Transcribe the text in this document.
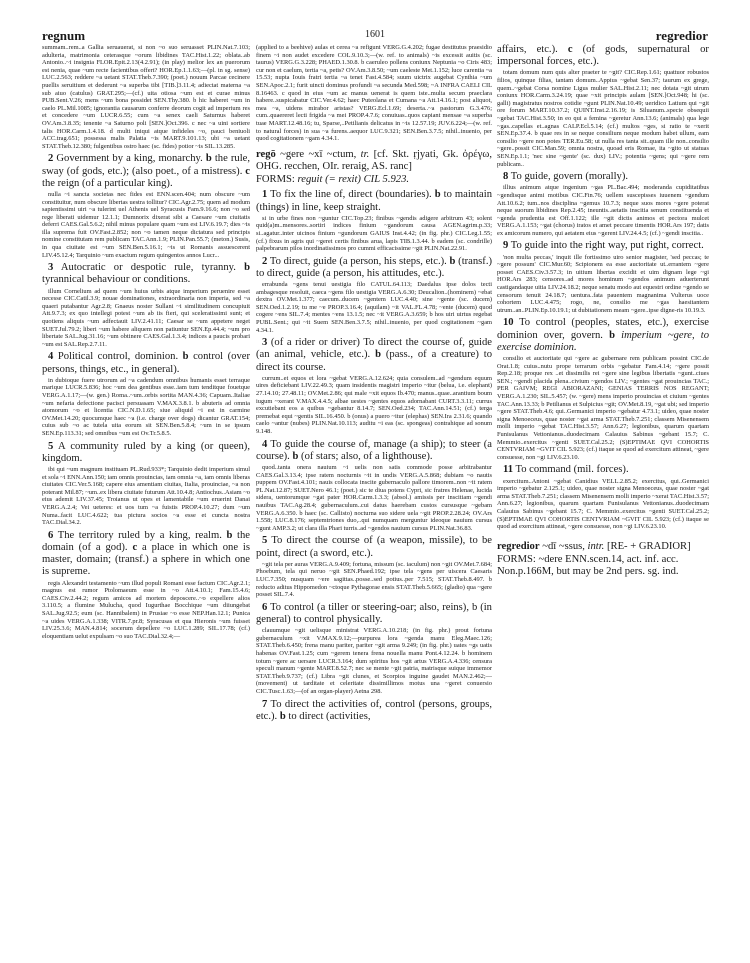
regnum	1601	regredior

summam..rem..a Gallia seruauerat, si non ~o suo seruasset PLIN.Nat.7.103; adulteria, matrimonia ceterasque ~orum libidines TAC.Hist.1.22; oblata..ab Antonio..~i insignia FLOR.Epit.2.13(4.2.91); (in play) melior lex an puerorum est nenia, quae ~um recte facientibus offert? HOR.Ep.1.1.63;—(pl. in sg. sense) LUC.2.563; reddere ~a uetant STAT.Theb.7.390; (poet.) nouum Parcae cecinere puellis seruitium et dederunt ~a superba tibi [TIB.]3.11.4; adiectat materna ~a sub aiuo (catulus) GRAT.295;—(cf.) uita otiosa ~um est et curae minus PUB.Sent.V.26; mens ~um bona possidet SEN.Thy.380. b hic haberet ~um in caelo PL.Mil.1085; ignorantia causarum conferre deorum cogit ad imperium res et concedere ~um LUCR.6.55; cum ~a senex caeli Saturnus haberet OV.Am.3.8.35; tenente ~a Saturno poli [SEN.]Oct.396. c nec ~a uini sortiere talis HOR.Carm.1.4.18. d multi iniqui atque infideles ~o, pauci beniuoli ACC.trag.651; possessa malis Palatia ~is MART.9.101.13; ubi ~a uetant STAT.Theb.12.380; fulgentibus ostro haec (sc. fides) potior ~is SIL.13.285.

2 Government by a king, monarchy. b the rule, sway (of gods, etc.); (also poet., of a mistress). c the reign (of a particular king).

nulla ~i sancta societas nec fides est ENN.scen.404; num obscure ~um constituitur, num obscure libertas uestra tollitur? CIC.Agr.2.75; quem ad modum sapientissimi uiri ~a tulerint uel Athenis uel Syracusis Fam.9.16.6; non ~o sed rege liberati uidemur 12.1.1; Dumnorix dixerat sibi a Caesare ~um ciuitatis deferri CAES.Gal.5.6.2; nihil minus populare quam ~um est LIV.6.19.7; dies ~is illa suprema fuit OV.Fast.2.852; non ~o tamen neque dictatura sed principis nomine constitutam rem publicam TAC.Ann.1.9; PLIN.Pan.55.7; (meton.) Susis, in qua ciuitate est ~um SEN.Ben.5.16.1; ~is ut Romanis assuescerent LIV.45.12.4; Tarquinio ~um exactum regum quingentos annos Lucr...

3 Autocratic or despotic rule, tyranny. b tyrannical behaviour or conditions.

illum Cornelium ad quem ~um huius urbis atque imperium peruenire esset necesse CIC.Catil.3.9; nouae dominationes, extraordinaria non imperia, sed ~a quaeri putabantur Agr.2.8; Gnaeus noster Sullani ~i similitudinem concupiuit Att.9.7.3; ex quo intellegi potest ~um ab iis fieri, qui sceleratissimi sunt; et quotiens aliquis ~um adfectauit LIV.2.41.11; Caesar se ~um appetere neget SUET.Jul.79.2; liberi ~um habere aliquem non patiuntur SEN.Ep.44.4; ~um pro libertate SAL.Jug.31.16; ~um obtinere CAES.Gal.1.3.4; indices a paucis probari ~um est SAL.Rep.2.7.11.

4 Political control, dominion. b control (over persons, things, etc., in general).

in dubioque fuere utrorum ad ~a cadendum omnibus humanis esset terraque marique LUCR.5.836; hoc ~um dea gentibus esse..iam tum tenditque fouetque VERG.A.1.17;—(w. gen.) Roma..~um..orbis sortita MAN.4.36; Capuam..Italiae ~um nefaria defectione pacisci persuasam V.MAX.3.8.1. b abuteris ad omnia atomorum ~o et licentia CIC.N.D.1.65; siue aliquid ~i est in carmine OV.Met.14.20; quocumque haec ~a (i.e. charge over dogs) dicantur GRAT.154; cuius sub ~o ac tutela uita eorum sit SEN.Ben.5.8.4; ~um in se ipsum SEN.Ep.113.31; sed omnibus ~um est Ov.Tr.5.8.5.

5 A community ruled by a king (or queen), kingdom.

ibi qui ~um magnum instituam PL.Rud.933*; Tarquinio dedit imperium simul et sola ~i ENN.Ann.150; iam omnis prouincias, iam omnia ~a, iam omnis liberas ciuitates CIC.Ver.5.168; capere eius amentiam ciuitas, Italia, prouinciae, ~a non poterant Mil.87; ~um..ex libera ciuitate futurum Att.10.4.8; Antiochus..Asiam ~o eius ademit LIV.37.45; Troianus ut opes et lamentabile ~um eruerint Danai VERG.A.2.4; Vei ueteres: et uos tum ~a fuistis PROP.4.10.27; dum ~um Numa..facit LUC.4.622; tua pictura socios ~a esse et cuncta nostra TAC.Dial.34.2.

6 The territory ruled by a king, realm. b the domain (of a god). c a place in which one is master, domain; (transf.) a sphere in which one is supreme.

regis Alexandri testamento ~um illud populi Romani esse factum CIC.Agr.2.1; magnus est rumor Ptolomaeum esse in ~o Att.4.10.1; Fam.15.4.6; CAES.Civ.2.44.2; regum amicos ad mortem deposcere..~o expellere alios 3.110.5; a flumine Mulucha, quod Iugurthae Bocchique ~um diiungebat SAL.Jug.92.5; eum (sc. Hannibalem) in Prusiae ~o esse NEP.Han.12.1; Punica ~a uides VERG.A.1.338; VITR.7.pr.8; Syracusas et qua Hieronis ~um fuisset LIV.25.3.6; MAN.4.814; socerum depellere ~o LUC.1.289; SIL.17.78; (cf.) eloquentiam uelut expulsam ~o suo TAC.Dial.32.4;—

(applied to a beehive) aulas et cerea ~a refigunt VERG.G.4.202; fugae destitutus praesidio finem ~i non audet excedere COL.9.10.3;—(w. ref. to animals) ~is excessit auitis (sc. taurus) VERG.G.3.228; PHAED.1.30.8. b caeruleo pollens coniunx Neptunia ~o Ciris 483; cur non et caelum, tertia ~a, petis? OV.Am.3.8.50; ~um caeleste Met.1.152; luce carentia ~a 15.53; nupta Iouis fratri tertia ~a tenet Fast.4.584; suum uictrix augebat Cynthia ~um SEN.Apoc.2.1; furit uincti dominus profundi ~a secunda Med.598; ~A INFRA CAELI CIL 8.16463. c quod in eius ~um ac manus uenerat is quem iste..multa secum praeclara habere..suspicabatur CIC.Ver.4.62; haec Puteolana et Cumana ~a Att.14.16.1; post aliquot, mea ~a, uidens mirabor aristas? VERG.Ecl.1.69; deserta..~a pastorum G.3.476; cum..quaereret lecti frigida ~a mei PROP.4.7.6; conuiuas..quos capiant mensae ~a superba tuae MART.12.48.16; tu, Sparse,..Petilianis delicatus in ~is 12.57.19; JUV.6.224;—(w. ref. to natural forces) in sua ~a furens..aequor LUC.9.321; SEN.Ben.3.7.5; nihil..inuenio, per quod cogitationem ~gam 4.34.1.

regō ~gere ~xī ~ctum, tr. [cf. Skt. ṛjyati, Gk. ὀρέγω, OHG. recchen, OIr. reraig, AS. ranc]

FORMS: reguit (= rexit) CIL 5.923.

1 To fix the line of, direct (boundaries). b to maintain (things) in line, keep straight.

si in urbe fines non ~guntur CIC.Top.23; finibus ~gendis adigere arbitrum 43; solent quid(a)m..mensores..sortiri indices finium ~gandorum causa AGEN.agrim.p.33; si..agatur..inter uicinos finium ~gundorum GAIUS Inst.4.42; (in fig. phr.) CIC.Leg.1.55; (cf.) fixus in agris qui ~geret certis finibus arua, lapis TIB.1.3.44. b eadem (sc. condrille) palpebrarum pilos inordinatissimos pro cummi efficacissime ~git PLIN.Nat.22.91.

2 To direct, guide (a person, his steps, etc.). b (transf.) to direct, guide (a person, his attitudes, etc.).

errabunda ~gens tenui uestigia filo CATUL.64.113; Daedalus ipse dolos tecti ambagesque resoluit, caeca ~gens filo uestigia VERG.A.6.30; Deucalion..(hominem) ~ebat dextra OV.Met.1.377; caecum..ducem ~gentem LUC.4.40; sine ~gente (sc. ducem) SEN.Oed.1.2.19; tu me ~e PROP.3.16.4; (aquilam) ~it VAL.FL.4.78; ~ente (ducem) quod cogere ~ens SIL.7.4; mentes ~ens 13.1.5; nec ~it VERG.A.3.659; b hos uiri uirtus regebat PUBL.Sent.; qui ~it Suem SEN.Ben.3.7.5; nihil..inuenio, per quod cogitationem ~gam 4.34.1.

3 (of a rider or driver) To direct the course of, guide (an animal, vehicle, etc.). b (pass., of a creature) to direct its course.

currum..et equos et lora ~gebat VERG.A.12.624; quia consulem..ad ~gendum equum uires deficiebant LIV.22.49.3; quam insidentis magistri imperio ~itur (belua, i.e. elephant) 27.14.10; 27.48.11; OV.Met.2.86; qui male ~xit equos Ib.470; manus..quae..arantium boum iugum ~xerant V.MAX.4.4.5; albae uestes ~gentes equos adornabant CURT.3.3.11; currus excutiebant eos a quibus ~gebantur 8.14.7; SEN.Oed.234; TAC.Ann.14.51; (cf.) terga premebat equi ~gentis SIL.16.450. b (onus) a puero ~itur (elephas) SEN.Ira 2.31.6; quando caelo ~antur (nubes) PLIN.Nat.10.113; auditu ~i eas (sc. spongeas) contrahique ad sonum 9.148.

4 To guide the course of, manage (a ship); to steer (a course). b (of stars; also, of a lighthouse).

quod..tanta onera nauium ~i uelis non satis commode posse arbitrabantur CAES.Gal.3.13.4; ipse ratem nocturnis ~it in undis VERG.A.5.868; dubiam ~o nautis puppem OV.Fast.4.101; nauis collocata inscite gubernaculo pallore timorem..non ~it ratem PL.Nat.12.87; SUET.Nero 46.1; (poet.) sic te diua potens Cypri, sic fratres Helenae, lucida sidera, uentorumque ~gat pater HOR.Carm.1.3.3; (absol.) amissis per inscitiam ~gendi nauibus TAC.Ag.28.4; gubernaculum..cui datus haerebam custos cursusque ~gebam VERG.A.6.350. b haec (sc. Callisto) nocturna suo sidere uela ~git PROP.2.28.24; OV.Ars 1.558; LUC.8.176; septemtriones duo,..qui numquam merguntur ideoque nauium cursus ~gunt AMP.3.2; ut clara illa Phari turris..ad ~gendos nauium cursus PLIN.Nat.36.83.

5 To direct the course of (a weapon, missile), to be point, direct (a sword, etc.).

~git tela per auras VERG.A.9.409; fortuna, missum (sc. iaculum) non ~git OV.Met.7.684; Phoebum, tela qui neruo ~git SEN.Phaed.192; ipse tela ~gens per uiscera Caesaris LUC.7.350; nusquam ~ere sagittas..posse..sed potius..per 7.515; STAT.Theb.8.497. b reducto aditus Hippomedon ~ctoque Pythagorae ensis STAT.Theb.5.665; (gladio) qua ~gere posset SIL.7.4.

6 To control (a tiller or steering-oar; also, reins), b (in general) to control physically.

clauumque ~git uelisque ministrat VERG.A.10.218; (in fig. phr.) prout fortuna gubernaculum ~xit V.MAX.9.12;—purpurea lora ~genda manu Eleg.Maec.126; STAT.Theb.6.450; frena manu pariter, pariter ~git arma 9.249; (in fig. phr.) uates ~gs uatis habenas OV.Fast.1.25; cum ~gerem tenera frena nouella manu Pont.4.12.24. b hominem totum ~gere ac uersare LUCR.3.164; dum spiritus hos ~git artus VERG.A.4.336; censura speculi manum ~gente MART.8.52.7; nec se mente ~git patria, matrisque suique immemor STAT.Theb.9.737; (cf.) Libra ~git clunes, et Scorpios inguine gaudet MAN.2.462;—(movement) ut tarditate et celeritate dissimillimos motus una ~geret conuersio CIC.Tusc.1.63;—(of an organ-player) Aetna 298.

7 To direct the activities of, control (persons, groups, etc.). b to direct (activities,

affairs, etc.). c (of gods, supernatural or impersonal forces, etc.).

totam domum num quis alter praeter te ~git? CIC.Rep.1.61; quattuor robustos filios, quinque filias, tantam domum..Appius ~gebat Sen.37; taurum ex grege, quem..~gebat Corsa nomine Ligus mulier SAL.Hist.2.11; nec dotata ~git uirum coniunx HOR.Carm.3.24.19; quae ~xit principis aulam [SEN.]Oct.948; hi (sc. galli) magistratus nostros cotidie ~gunt PLIN.Nat.10.49; ueridico Latium qui ~git ore forum MART.10.37.2; QUINT.Inst.2.16.19; is Siluanum..speciе obsequii ~gebat TAC.Hist.3.50; in eo qui a femina ~geretur Ann.13.6; (animals) qua lege ~gas..capellas et..agnas CALP.Ecl.5.14; (cf.) multos ~ges, si ratio te ~xerit SEN.Ep.37.4. b quae res in se neque consilium neque modum habet ullum, eam consilio ~gere non potes TER.Eu.58; ut nulla res tanta sit..quam ille non..consilio ~gere..possit CIC.Man.59; omnia nostra, quoad eris Romae, ita ~gito ut statuas SEN.Ep.1.1; 'nec sine ~gente' (sc. dux) LIV.; potentia ~gens; qui ~gere rem publicam..

8 To guide, govern (morally).

illius animum atque ingenium ~gas PL.Bac.494; moderanda cupiditatibus ~gendisque animi motibus CIC.Fin.76; uellem suscepisses iuuenem ~gendum Att.10.6.2; tum..nos disciplina ~gemus 10.7.3; neque suos mores ~gere poterat neque suorum libidines Rep.2.45; ineuntis..aetatis inscitia senum constituenda et ~genda prudentia est Off.1.122; ille ~git dictis animos et pectora mulcet VERG.A.1.153; ~gat (chorus) iratos et amet peccare timentis HOR.Ars 197; datis ex amicorum numero, qui aetatem eius ~gerent LIV.24.4.5; (cf.) ~gendi inscitia..

9 To guide into the right way, put right, correct.

'non multa peccas,' inquit ille fortissimo uiro senior magister, 'sed peccas; te ~gere possum' CIC.Mur.60; Scipionem ea esse auctoritate ut..errantem ~gere posset CAES.Civ.3.57.3; in uitium libertas excidit et uim dignam lege ~gi HOR.Ars 283; censores..ad mores hominum ~gendos animum aduerterunt castigandaque uitia LIV.24.18.2; neque senatu modo aut equestri ordine ~gendo se censorum tenuit 24.18.7; uentura..fata pauentem magnanima Vulterus uoce cohortem LUC.4.475; rogo, ne, consilio me ~gas haesitantem utrum..an..PLIN.Ep.10.19.1; ut dubitationem meam ~gere..ipse digne-ris 10.19.3.

10 To control (peoples, states, etc.), exercise dominion over, govern. b imperium ~gere, to exercise dominion.

consilio et auctoritate qui ~gere ac gubernare rem publicam possint CIC.de Orat.1.8; cuius..nutu prope terrarum orbis ~gebatur Fam.4.14; ~gere possit Rep.2.18; proque rex ..et dissimilis rei ~gere sine legibus libertatis ~gunt..ciues SEN.; ~gendi placida plena..civium ~gendos LIV.; ~gentes ~gat prouincias TAC.; PER GAIVM; REGI ABIORAZANI; GENIAS TERRIS NOS REGANT; VERG.A.1.230; SIL.5.457; (w. ~gere) mens imperio prouincias et ciuium ~gentes TAC.Ann.13.33; b Petilianus et Sulpicius ~git; OV.Met.8.19, ~gat ubi; sed imperio ~gere STAT.Theb.4.6; qui..Germanici imperio ~gebatur 4.73.1; uideo, quae noster signa Menoeceus, quae noster ~gat arma STAT.Theb.7.251; classem Misenensem molli imperio ~gebat TAC.Hist.3.57; Ann.6.27; legionibus, quarum quartam Funisulanus Vettonianus..duodecimam Calauius Sabinus ~gebant 15.7; C. Memmio..exercitus ~genti SUET.Cal.25.2; (S)EPTIMAE QVI COHORTIS CENTVRIAM ~GVIT CIL 5.923; (cf.) itaque se quod ad exercitum attineat, ~gere consuesse, non ~gi LIV.6.23.10.

11 To command (mil. forces).

exercitum..Antoni ~gebat Canidius VELL.2.85.2; exercitus, qui..Germanici imperio ~gebatur 2.125.1; uideo, quae noster signa Menoeceus, quae noster ~gat arma STAT.Theb.7.251; classem Misenensem molli imperio ~xerat TAC.Hist.3.57; Ann.6.27; legionibus, quarum quartam Funisulanus Vettonianus..duodecimam Calauius Sabinus ~gebant 15.7; C. Memmio..exercitus ~genti SUET.Cal.25.2; (S)EPTIMAE QVI COHORTIS CENTVRIAM ~GVIT CIL 5.923; (cf.) itaque se quod ad exercitum attineat, ~gere consuesse, non ~gi LIV.6.23.10.

regredior ~dī ~ssus, intr. [RE- + GRADIOR]

FORMS: ~dere ENN.scen.14, act. inf. acc. Non.p.166M, but may be 2nd pers. sg. ind.
